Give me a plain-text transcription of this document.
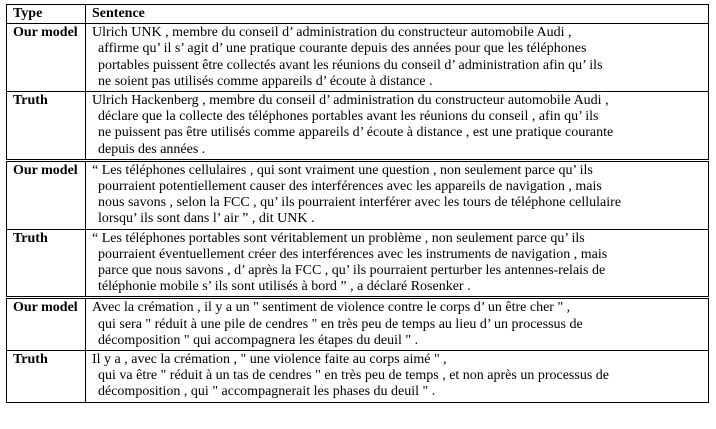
Type	Sentence
Our model	Ulrich UNK , membre du conseil d’ administration du constructeur automobile Audi ,
affirme qu’ il s’ agit d’ une pratique courante depuis des années pour que les téléphones
portables puissent être collectés avant les réunions du conseil d’ administration afin qu’ ils
ne soient pas utilisés comme appareils d’ écoute à distance .

Truth	Ulrich Hackenberg , membre du conseil d’ administration du constructeur automobile Audi ,
déclare que la collecte des téléphones portables avant les réunions du conseil , afin qu’ ils
ne puissent pas être utilisés comme appareils d’ écoute à distance , est une pratique courante
depuis des années .

Our model	“ Les téléphones cellulaires , qui sont vraiment une question , non seulement parce qu’ ils
pourraient potentiellement causer des interférences avec les appareils de navigation , mais
nous savons , selon la FCC , qu’ ils pourraient interférer avec les tours de téléphone cellulaire
lorsqu’ ils sont dans l’ air ” , dit UNK .

Truth	“ Les téléphones portables sont véritablement un problème , non seulement parce qu’ ils
pourraient éventuellement créer des interférences avec les instruments de navigation , mais
parce que nous savons , d’ après la FCC , qu’ ils pourraient perturber les antennes-relais de
téléphonie mobile s’ ils sont utilisés à bord ” , a déclaré Rosenker .

Our model	Avec la crémation , il y a un " sentiment de violence contre le corps d’ un être cher " ,
qui sera " réduit à une pile de cendres " en très peu de temps au lieu d’ un processus de
décomposition " qui accompagnera les étapes du deuil " .

Truth	Il y a , avec la crémation , " une violence faite au corps aimé " ,
qui va être " réduit à un tas de cendres " en très peu de temps , et non après un processus de
décomposition , qui " accompagnerait les phases du deuil " .
